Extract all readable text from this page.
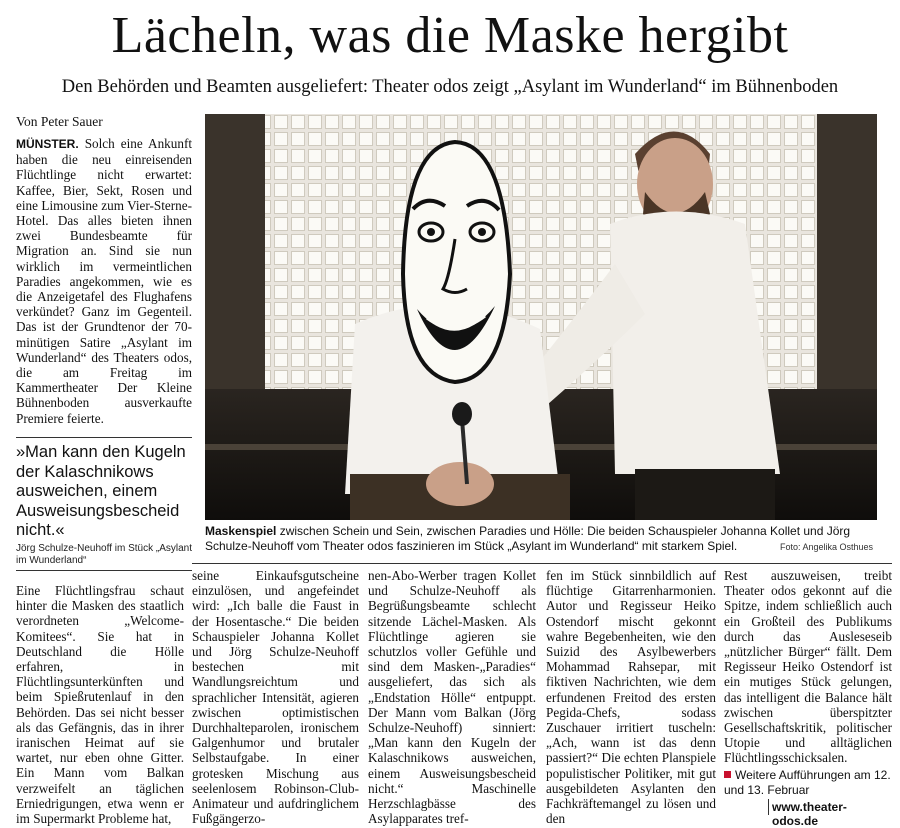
Lächeln, was die Maske hergibt
Den Behörden und Beamten ausgeliefert: Theater odos zeigt „Asylant im Wunderland“ im Bühnenboden
Von Peter Sauer

MÜNSTER. Solch eine Ankunft haben die neu einreisenden Flüchtlinge nicht erwartet: Kaffee, Bier, Sekt, Rosen und eine Limousine zum Vier-Sterne-Hotel. Das alles bieten ihnen zwei Bundesbeamte für Migration an. Sind sie nun wirklich im vermeintlichen Paradies angekommen, wie es die Anzeigetafel des Flughafens verkündet? Ganz im Gegenteil. Das ist der Grundtenor der 70-minütigen Satire „Asylant im Wunderland“ des Theaters odos, die am Freitag im Kammertheater Der Kleine Bühnenboden ausverkaufte Premiere feierte.

»Man kann den Kugeln der Kalaschnikows ausweichen, einem Ausweisungsbescheid nicht.«
Jörg Schulze-Neuhoff im Stück „Asylant im Wunderland“
Maskenspiel zwischen Schein und Sein, zwischen Paradies und Hölle: Die beiden Schauspieler Johanna Kollet und Jörg Schulze-Neuhoff vom Theater odos faszinieren im Stück „Asylant im Wunderland“ mit starkem Spiel.	Foto: Angelika Osthues

Eine Flüchtlingsfrau schaut hinter die Masken des staatlich verordneten „Welcome-Komitees“. Sie hat in Deutschland die Hölle erfahren, in Flüchtlingsunterkünften und beim Spießrutenlauf in den Behörden. Das sei nicht besser als das Gefängnis, das in ihrer iranischen Heimat auf sie wartet, nur eben ohne Gitter. Ein Mann vom Balkan verzweifelt an täglichen Erniedrigungen, etwa wenn er im Supermarkt Probleme hat,

seine Einkaufsgutscheine einzulösen, und angefeindet wird: „Ich balle die Faust in der Hosentasche.“ Die beiden Schauspieler Johanna Kollet und Jörg Schulze-Neuhoff bestechen mit Wandlungsreichtum und sprachlicher Intensität, agieren zwischen optimistischen Durchhalteparolen, ironischem Galgenhumor und brutaler Selbstaufgabe. In einer grotesken Mischung aus seelenlosem Robinson-Club-Animateur und aufdringlichem Fußgängerzo-

nen-Abo-Werber tragen Kollet und Schulze-Neuhoff als Begrüßungsbeamte schlecht sitzende Lächel-Masken. Als Flüchtlinge agieren sie schutzlos voller Gefühle und sind dem Masken-„Paradies“ ausgeliefert, das sich als „Endstation Hölle“ entpuppt. Der Mann vom Balkan (Jörg Schulze-Neuhoff) sinniert: „Man kann den Kugeln der Kalaschnikows ausweichen, einem Ausweisungsbescheid nicht.“ Maschinelle Herzschlagbässe des Asylapparates tref-

fen im Stück sinnbildlich auf flüchtige Gitarrenharmonien. Autor und Regisseur Heiko Ostendorf mischt gekonnt wahre Begebenheiten, wie den Suizid des Asylbewerbers Mohammad Rahsepar, mit fiktiven Nachrichten, wie dem erfundenen Freitod des ersten Pegida-Chefs, sodass Zuschauer irritiert tuscheln: „Ach, wann ist das denn passiert?“ Die echten Planspiele populistischer Politiker, mit gut ausgebildeten Asylanten den Fachkräftemangel zu lösen und den

Rest auszuweisen, treibt Theater odos gekonnt auf die Spitze, indem schließlich auch ein Großteil des Publikums durch das Ausleseseib „nützlicher Bürger“ fällt. Dem Regisseur Heiko Ostendorf ist ein mutiges Stück gelungen, das intelligent die Balance hält zwischen überspitzter Gesellschaftskritik, politischer Utopie und alltäglichen Flüchtlingsschicksalen.

Weitere Aufführungen am 12. und 13. Februar
www.theater-odos.de
